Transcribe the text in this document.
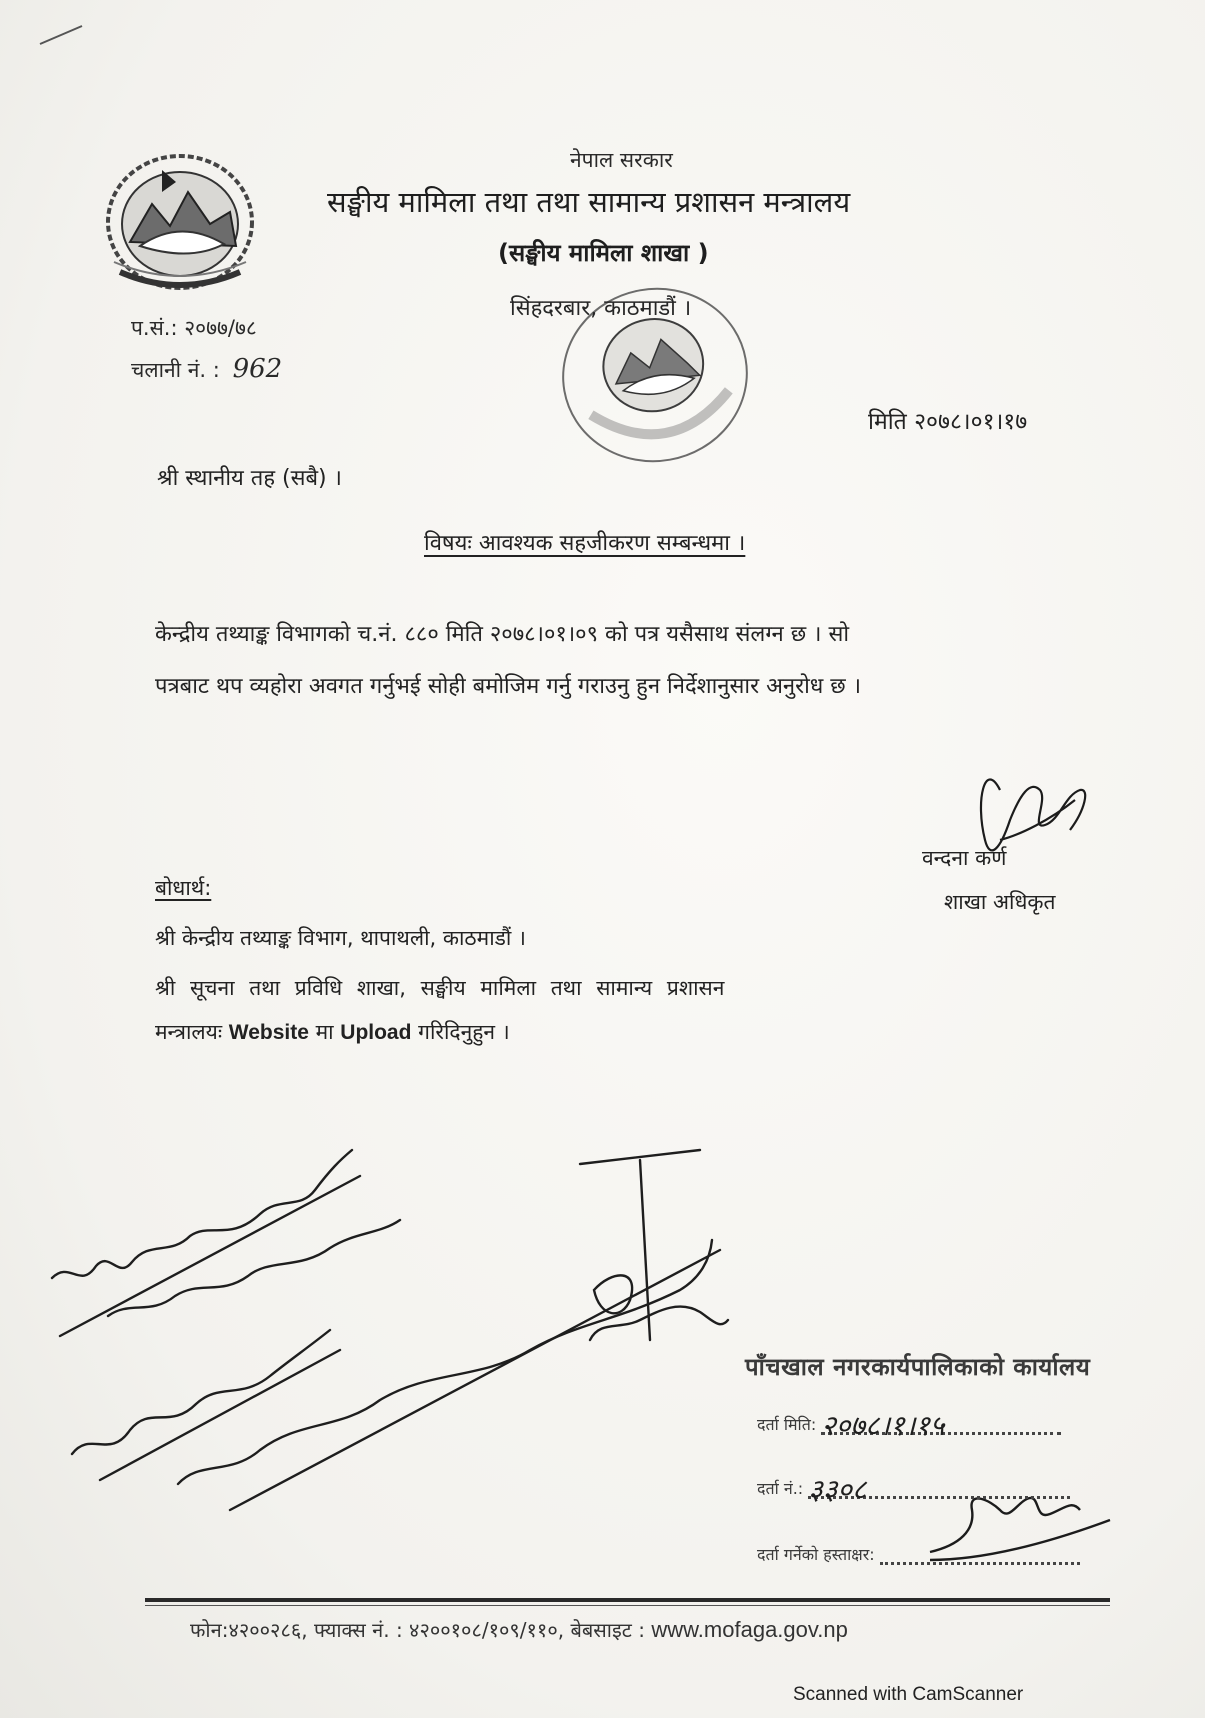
नेपाल सरकार
सङ्घीय मामिला तथा तथा सामान्य प्रशासन मन्त्रालय
(सङ्घीय मामिला शाखा )
सिंहदरबार, काठमाडौं ।
प.सं.: २०७७/७८
चलानी नं. : 962
मिति २०७८।०१।१७
श्री स्थानीय तह (सबै) ।
विषयः आवश्यक सहजीकरण सम्बन्धमा ।
केन्द्रीय तथ्याङ्क विभागको च.नं. ८८० मिति २०७८।०१।०९ को पत्र यसैसाथ संलग्न छ । सो
पत्रबाट थप व्यहोरा अवगत गर्नुभई सोही बमोजिम गर्नु गराउनु हुन निर्देशानुसार अनुरोध छ ।
वन्दना कर्ण
शाखा अधिकृत
बोधार्थ:
श्री केन्द्रीय तथ्याङ्क विभाग, थापाथली, काठमाडौं ।
श्री सूचना तथा प्रविधि शाखा, सङ्घीय मामिला तथा सामान्य प्रशासन
मन्त्रालयः Website मा Upload गरिदिनुहुन ।
पाँचखाल नगरकार्यपालिकाको कार्यालय
दर्ता मिति: २०७८।१।१५
दर्ता नं.: ३३०८
दर्ता गर्नेको हस्ताक्षर:
फोन:४२००२८६, फ्याक्स नं. : ४२००१०८/१०९/११०, बेबसाइट : www.mofaga.gov.np
Scanned with CamScanner
